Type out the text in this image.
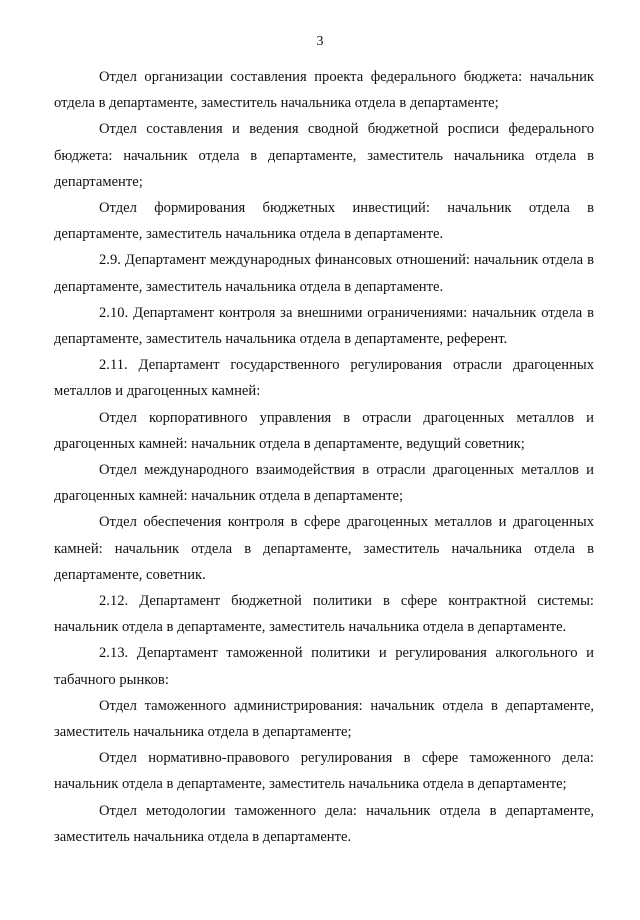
3

Отдел организации составления проекта федерального бюджета: начальник отдела в департаменте, заместитель начальника отдела в департаменте;

Отдел составления и ведения сводной бюджетной росписи федерального бюджета: начальник отдела в департаменте, заместитель начальника отдела в департаменте;

Отдел формирования бюджетных инвестиций: начальник отдела в департаменте, заместитель начальника отдела в департаменте.

2.9. Департамент международных финансовых отношений: начальник отдела в департаменте, заместитель начальника отдела в департаменте.

2.10. Департамент контроля за внешними ограничениями: начальник отдела в департаменте, заместитель начальника отдела в департаменте, референт.

2.11. Департамент государственного регулирования отрасли драгоценных металлов и драгоценных камней:

Отдел корпоративного управления в отрасли драгоценных металлов и драгоценных камней: начальник отдела в департаменте, ведущий советник;

Отдел международного взаимодействия в отрасли драгоценных металлов и драгоценных камней: начальник отдела в департаменте;

Отдел обеспечения контроля в сфере драгоценных металлов и драгоценных камней: начальник отдела в департаменте, заместитель начальника отдела в департаменте, советник.

2.12. Департамент бюджетной политики в сфере контрактной системы: начальник отдела в департаменте, заместитель начальника отдела в департаменте.

2.13. Департамент таможенной политики и регулирования алкогольного и табачного рынков:

Отдел таможенного администрирования: начальник отдела в департаменте, заместитель начальника отдела в департаменте;

Отдел нормативно-правового регулирования в сфере таможенного дела: начальник отдела в департаменте, заместитель начальника отдела в департаменте;

Отдел методологии таможенного дела: начальник отдела в департаменте, заместитель начальника отдела в департаменте.
